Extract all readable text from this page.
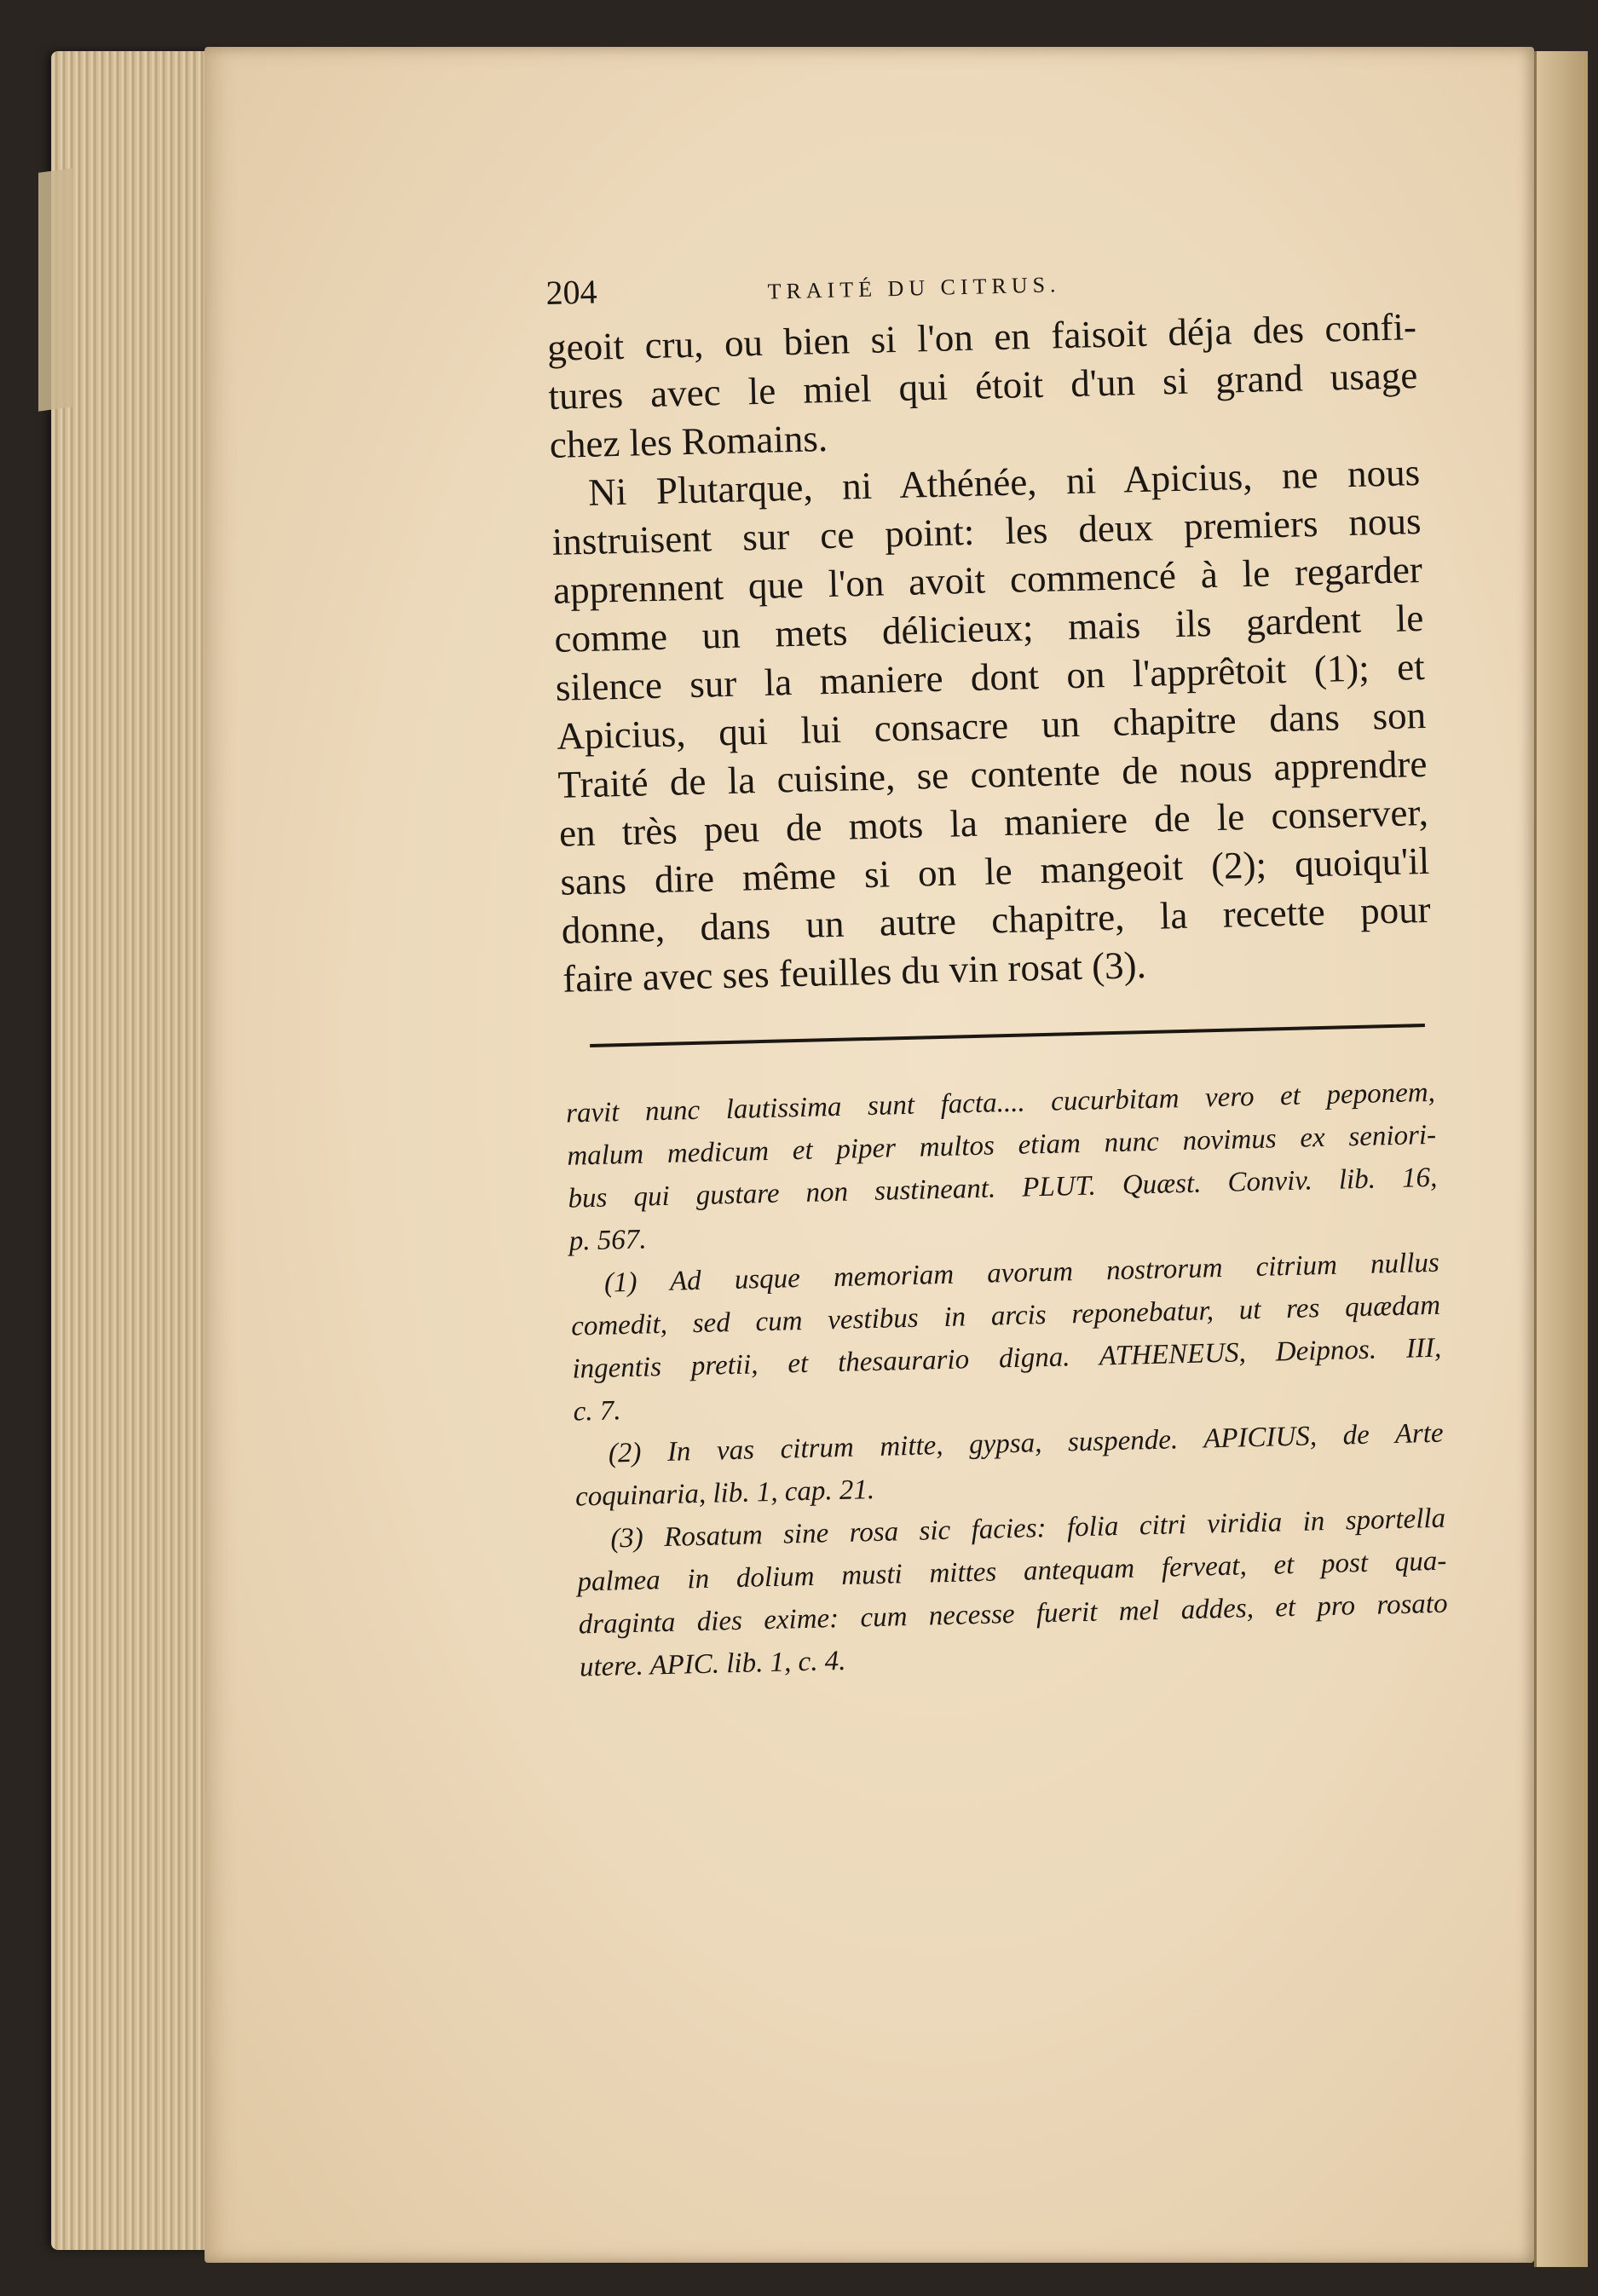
204	TRAITÉ DU CITRUS.

geoit cru, ou bien si l'on en faisoit déja des confi-

tures avec le miel qui étoit d'un si grand usage

chez les Romains.

Ni Plutarque, ni Athénée, ni Apicius, ne nous

instruisent sur ce point: les deux premiers nous

apprennent que l'on avoit commencé à le regarder

comme un mets délicieux; mais ils gardent le

silence sur la maniere dont on l'apprêtoit (1); et

Apicius, qui lui consacre un chapitre dans son

Traité de la cuisine, se contente de nous apprendre

en très peu de mots la maniere de le conserver,

sans dire même si on le mangeoit (2); quoiqu'il

donne, dans un autre chapitre, la recette pour

faire avec ses feuilles du vin rosat (3).

ravit nunc lautissima sunt facta.... cucurbitam vero et peponem,

malum medicum et piper multos etiam nunc novimus ex seniori-

bus qui gustare non sustineant. PLUT. Quæst. Conviv. lib. 16,

p. 567.

(1) Ad usque memoriam avorum nostrorum citrium nullus

comedit, sed cum vestibus in arcis reponebatur, ut res quædam

ingentis pretii, et thesaurario digna. ATHENEUS, Deipnos. III,

c. 7.

(2) In vas citrum mitte, gypsa, suspende. APICIUS, de Arte

coquinaria, lib. 1, cap. 21.

(3) Rosatum sine rosa sic facies: folia citri viridia in sportella

palmea in dolium musti mittes antequam ferveat, et post qua-

draginta dies exime: cum necesse fuerit mel addes, et pro rosato

utere. APIC. lib. 1, c. 4.
